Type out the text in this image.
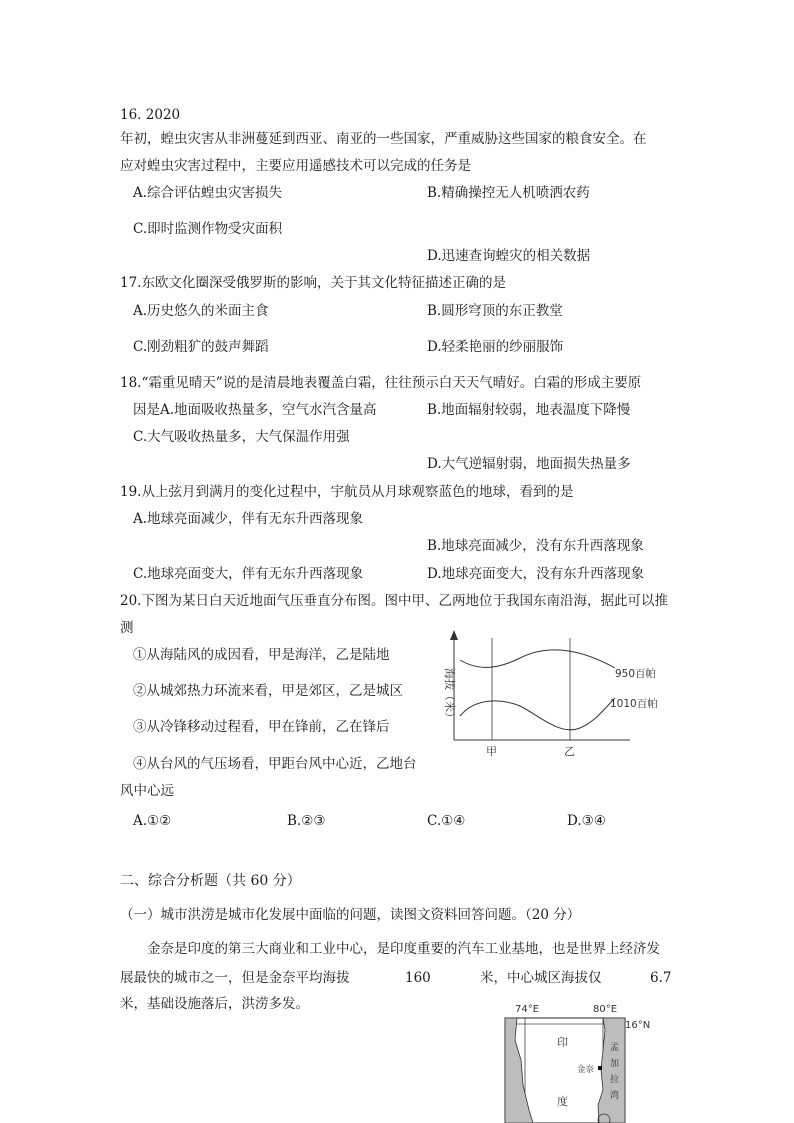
16. 2020
年初，蝗虫灾害从非洲蔓延到西亚、南亚的一些国家，严重威胁这些国家的粮食安全。在
应对蝗虫灾害过程中，主要应用遥感技术可以完成的任务是
A.综合评估蝗虫灾害损失	B.精确操控无人机喷洒农药
C.即时监测作物受灾面积
D.迅速查询蝗灾的相关数据
17.东欧文化圈深受俄罗斯的影响，关于其文化特征描述正确的是
A.历史悠久的米面主食	B.圆形穹顶的东正教堂
C.刚劲粗犷的鼓声舞蹈	D.轻柔艳丽的纱丽服饰
18.“霜重见晴天”说的是清晨地表覆盖白霜，往往预示白天天气晴好。白霜的形成主要原
因是A.地面吸收热量多，空气水汽含量高	B.地面辐射较弱，地表温度下降慢
C.大气吸收热量多，大气保温作用强
D.大气逆辐射弱，地面损失热量多
19.从上弦月到满月的变化过程中，宇航员从月球观察蓝色的地球，看到的是
A.地球亮面减少，伴有无东升西落现象
B.地球亮面减少，没有东升西落现象
C.地球亮面变大，伴有无东升西落现象	D.地球亮面变大，没有东升西落现象
20.下图为某日白天近地面气压垂直分布图。图中甲、乙两地位于我国东南沿海，据此可以推
测
①从海陆风的成因看，甲是海洋，乙是陆地
②从城郊热力环流来看，甲是郊区，乙是城区
③从冷锋移动过程看，甲在锋前，乙在锋后
④从台风的气压场看，甲距台风中心近，乙地台
风中心远
A.①②	B.②③	C.①④	D.③④
海拔（米）	950百帕
1010百帕
甲	乙
二、综合分析题（共 60 分）
（一）城市洪涝是城市化发展中面临的问题，读图文资料回答问题。（20 分）
金奈是印度的第三大商业和工业中心，是印度重要的汽车工业基地，也是世界上经济发
展最快的城市之一，但是金奈平均海拔	160	米，中心城区海拔仅	6.7
米，基础设施落后，洪涝多发。	74°E	80°E
16°N
印
度
金奈
孟
加
拉
湾
